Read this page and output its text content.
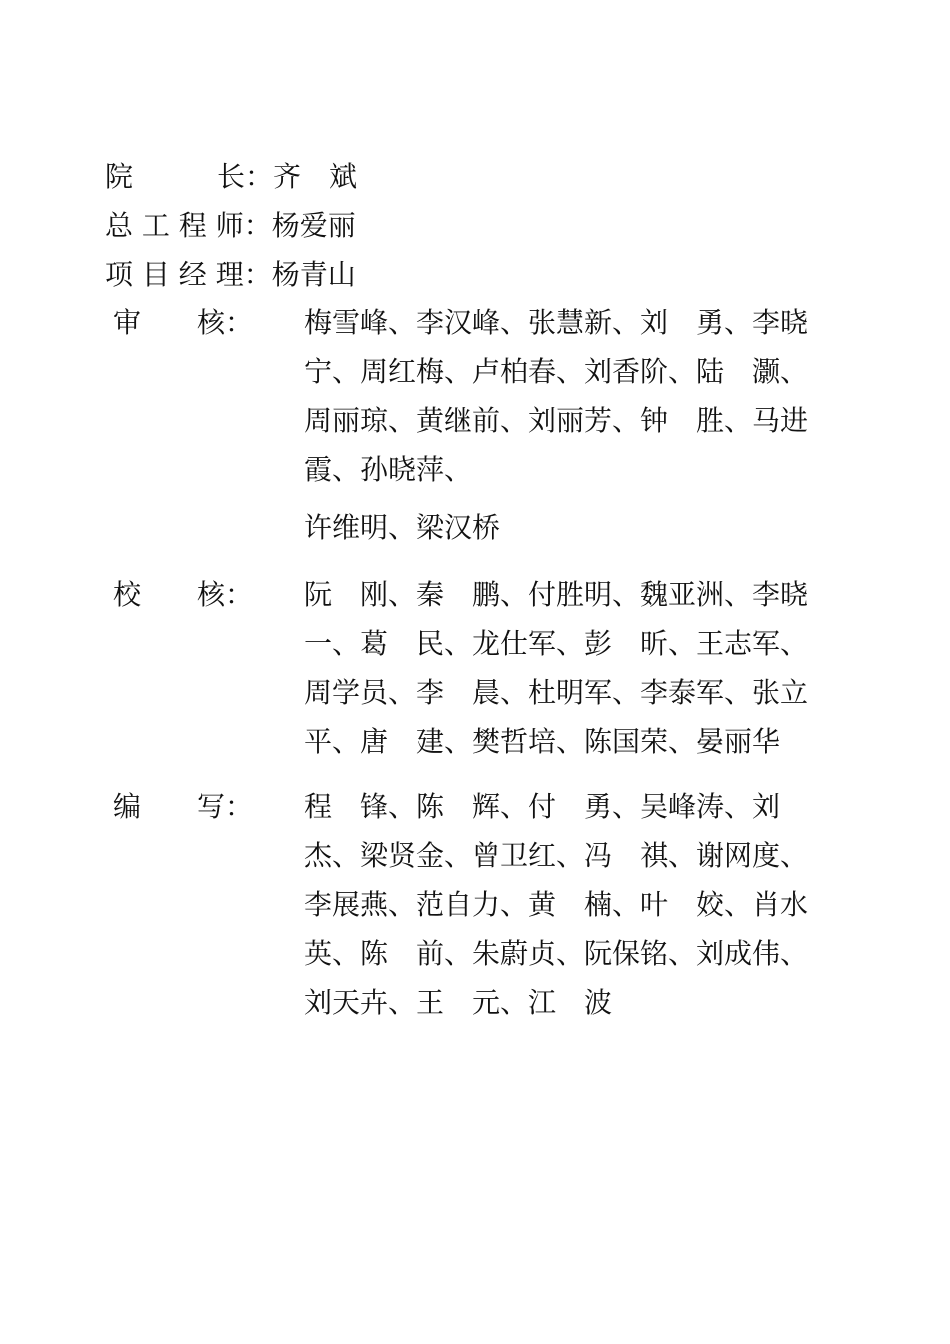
院　　　长：齐　斌
总 工 程 师：杨爱丽
项 目 经 理：杨青山
审　　核： 梅雪峰、李汉峰、张慧新、刘　勇、李晓
宁、周红梅、卢柏春、刘香阶、陆　灏、
周丽琼、黄继前、刘丽芳、钟　胜、马进
霞、孙晓萍、
许维明、梁汉桥
校　　核： 阮　刚、秦　鹏、付胜明、魏亚洲、李晓
一、葛　民、龙仕军、彭　昕、王志军、
周学员、李　晨、杜明军、李泰军、张立
平、唐　建、樊哲培、陈国荣、晏丽华
编　　写： 程　锋、陈　辉、付　勇、吴峰涛、刘
杰、梁贤金、曾卫红、冯　祺、谢网度、
李展燕、范自力、黄　楠、叶　姣、肖水
英、陈　前、朱蔚贞、阮保铭、刘成伟、
刘天卉、王　元、江　波
